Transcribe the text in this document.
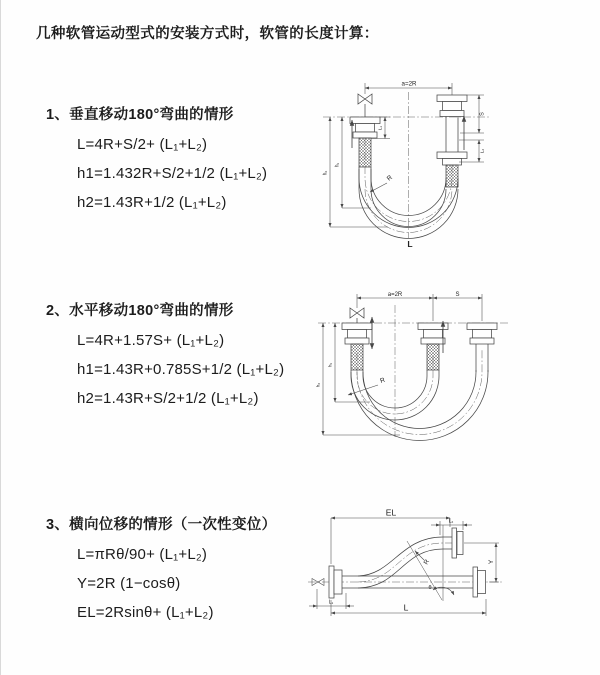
几种软管运动型式的安装方式时，软管的长度计算：
1、垂直移动180°弯曲的情形
L=4R+S/2+ (L₁+L₂)
h1=1.432R+S/2+1/2 (L₁+L₂)
h2=1.43R+1/2 (L₁+L₂)
2、水平移动180°弯曲的情形
L=4R+1.57S+ (L₁+L₂)
h1=1.43R+0.785S+1/2 (L₁+L₂)
h2=1.43R+S/2+1/2 (L₁+L₂)
3、横向位移的情形（一次性变位）
L=πRθ/90+ (L₁+L₂)
Y=2R (1−cosθ)
EL=2Rsinθ+ (L₁+L₂)
a=2R
h₂
h₁
L₁
S
L₂
R
L
a=2R	S
h₂
h₁
R
EL
L₂
Y
L
L₁
R
θ
